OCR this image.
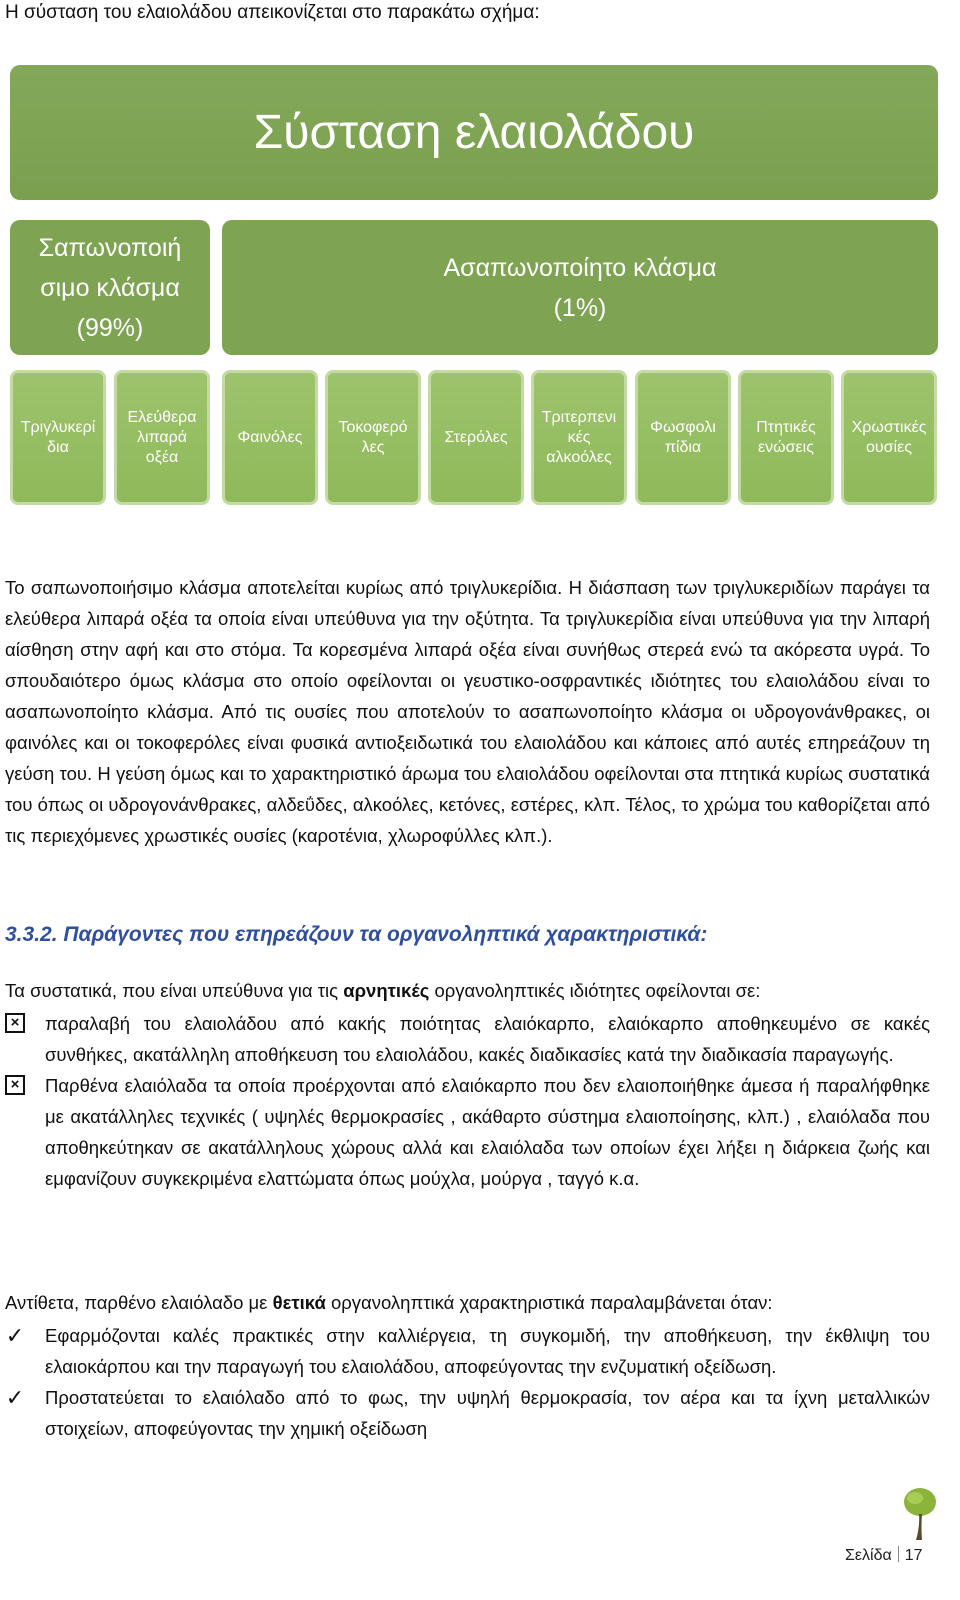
Η σύσταση του ελαιολάδου απεικονίζεται στο παρακάτω σχήμα:

Σύσταση ελαιολάδου
Σαπωνοποιή
σιμο κλάσμα
(99%)
Ασαπωνοποίητο κλάσμα
(1%)
Τριγλυκερί
δια
Ελεύθερα
λιπαρά
οξέα
Φαινόλες
Τοκοφερό
λες
Στερόλες
Τριτερπενι
κές
αλκοόλες
Φωσφολι
πίδια
Πτητικές
ενώσεις
Χρωστικές
ουσίες

Το σαπωνοποιήσιμο κλάσμα αποτελείται κυρίως από τριγλυκερίδια. Η διάσπαση των τριγλυκεριδίων παράγει τα ελεύθερα λιπαρά οξέα τα οποία είναι υπεύθυνα για την οξύτητα. Τα τριγλυκερίδια είναι υπεύθυνα για την λιπαρή αίσθηση στην αφή και στο στόμα. Τα κορεσμένα λιπαρά οξέα είναι συνήθως στερεά ενώ τα ακόρεστα υγρά. Το σπουδαιότερο όμως κλάσμα στο οποίο οφείλονται οι γευστικο-οσφραντικές ιδιότητες του ελαιολάδου είναι το ασαπωνοποίητο κλάσμα. Από τις ουσίες που αποτελούν το ασαπωνοποίητο κλάσμα οι υδρογονάνθρακες, οι φαινόλες και οι τοκοφερόλες είναι φυσικά αντιοξειδωτικά του ελαιολάδου και κάποιες από αυτές επηρεάζουν τη γεύση του. Η γεύση όμως και το χαρακτηριστικό άρωμα του ελαιολάδου οφείλονται στα πτητικά κυρίως συστατικά του όπως οι υδρογονάνθρακες, αλδεΰδες, αλκοόλες, κετόνες, εστέρες, κλπ. Τέλος, το χρώμα του καθορίζεται από τις περιεχόμενες χρωστικές ουσίες (καροτένια, χλωροφύλλες κλπ.).

3.3.2. Παράγοντες που επηρεάζουν τα οργανοληπτικά χαρακτηριστικά:

Τα συστατικά, που είναι υπεύθυνα για τις αρνητικές οργανοληπτικές ιδιότητες οφείλονται σε:

×	παραλαβή του ελαιολάδου από κακής ποιότητας ελαιόκαρπο, ελαιόκαρπο αποθηκευμένο σε κακές συνθήκες, ακατάλληλη αποθήκευση του ελαιολάδου, κακές διαδικασίες κατά την διαδικασία παραγωγής.
×	Παρθένα ελαιόλαδα τα οποία προέρχονται από ελαιόκαρπο που δεν ελαιοποιήθηκε άμεσα ή παραλήφθηκε με ακατάλληλες τεχνικές ( υψηλές θερμοκρασίες , ακάθαρτο σύστημα ελαιοποίησης, κλπ.) , ελαιόλαδα που αποθηκεύτηκαν σε ακατάλληλους χώρους αλλά και ελαιόλαδα των οποίων έχει λήξει η διάρκεια ζωής και εμφανίζουν συγκεκριμένα ελαττώματα όπως μούχλα, μούργα , ταγγό κ.α.

Αντίθετα, παρθένο ελαιόλαδο με θετικά οργανοληπτικά χαρακτηριστικά παραλαμβάνεται όταν:

✓ Εφαρμόζονται καλές πρακτικές στην καλλιέργεια, τη συγκομιδή, την αποθήκευση, την έκθλιψη του ελαιοκάρπου και την παραγωγή του ελαιολάδου, αποφεύγοντας την ενζυματική οξείδωση.
✓ Προστατεύεται το ελαιόλαδο από το φως, την υψηλή θερμοκρασία, τον αέρα και τα ίχνη μεταλλικών στοιχείων, αποφεύγοντας την χημική οξείδωση
Σελίδα 17
